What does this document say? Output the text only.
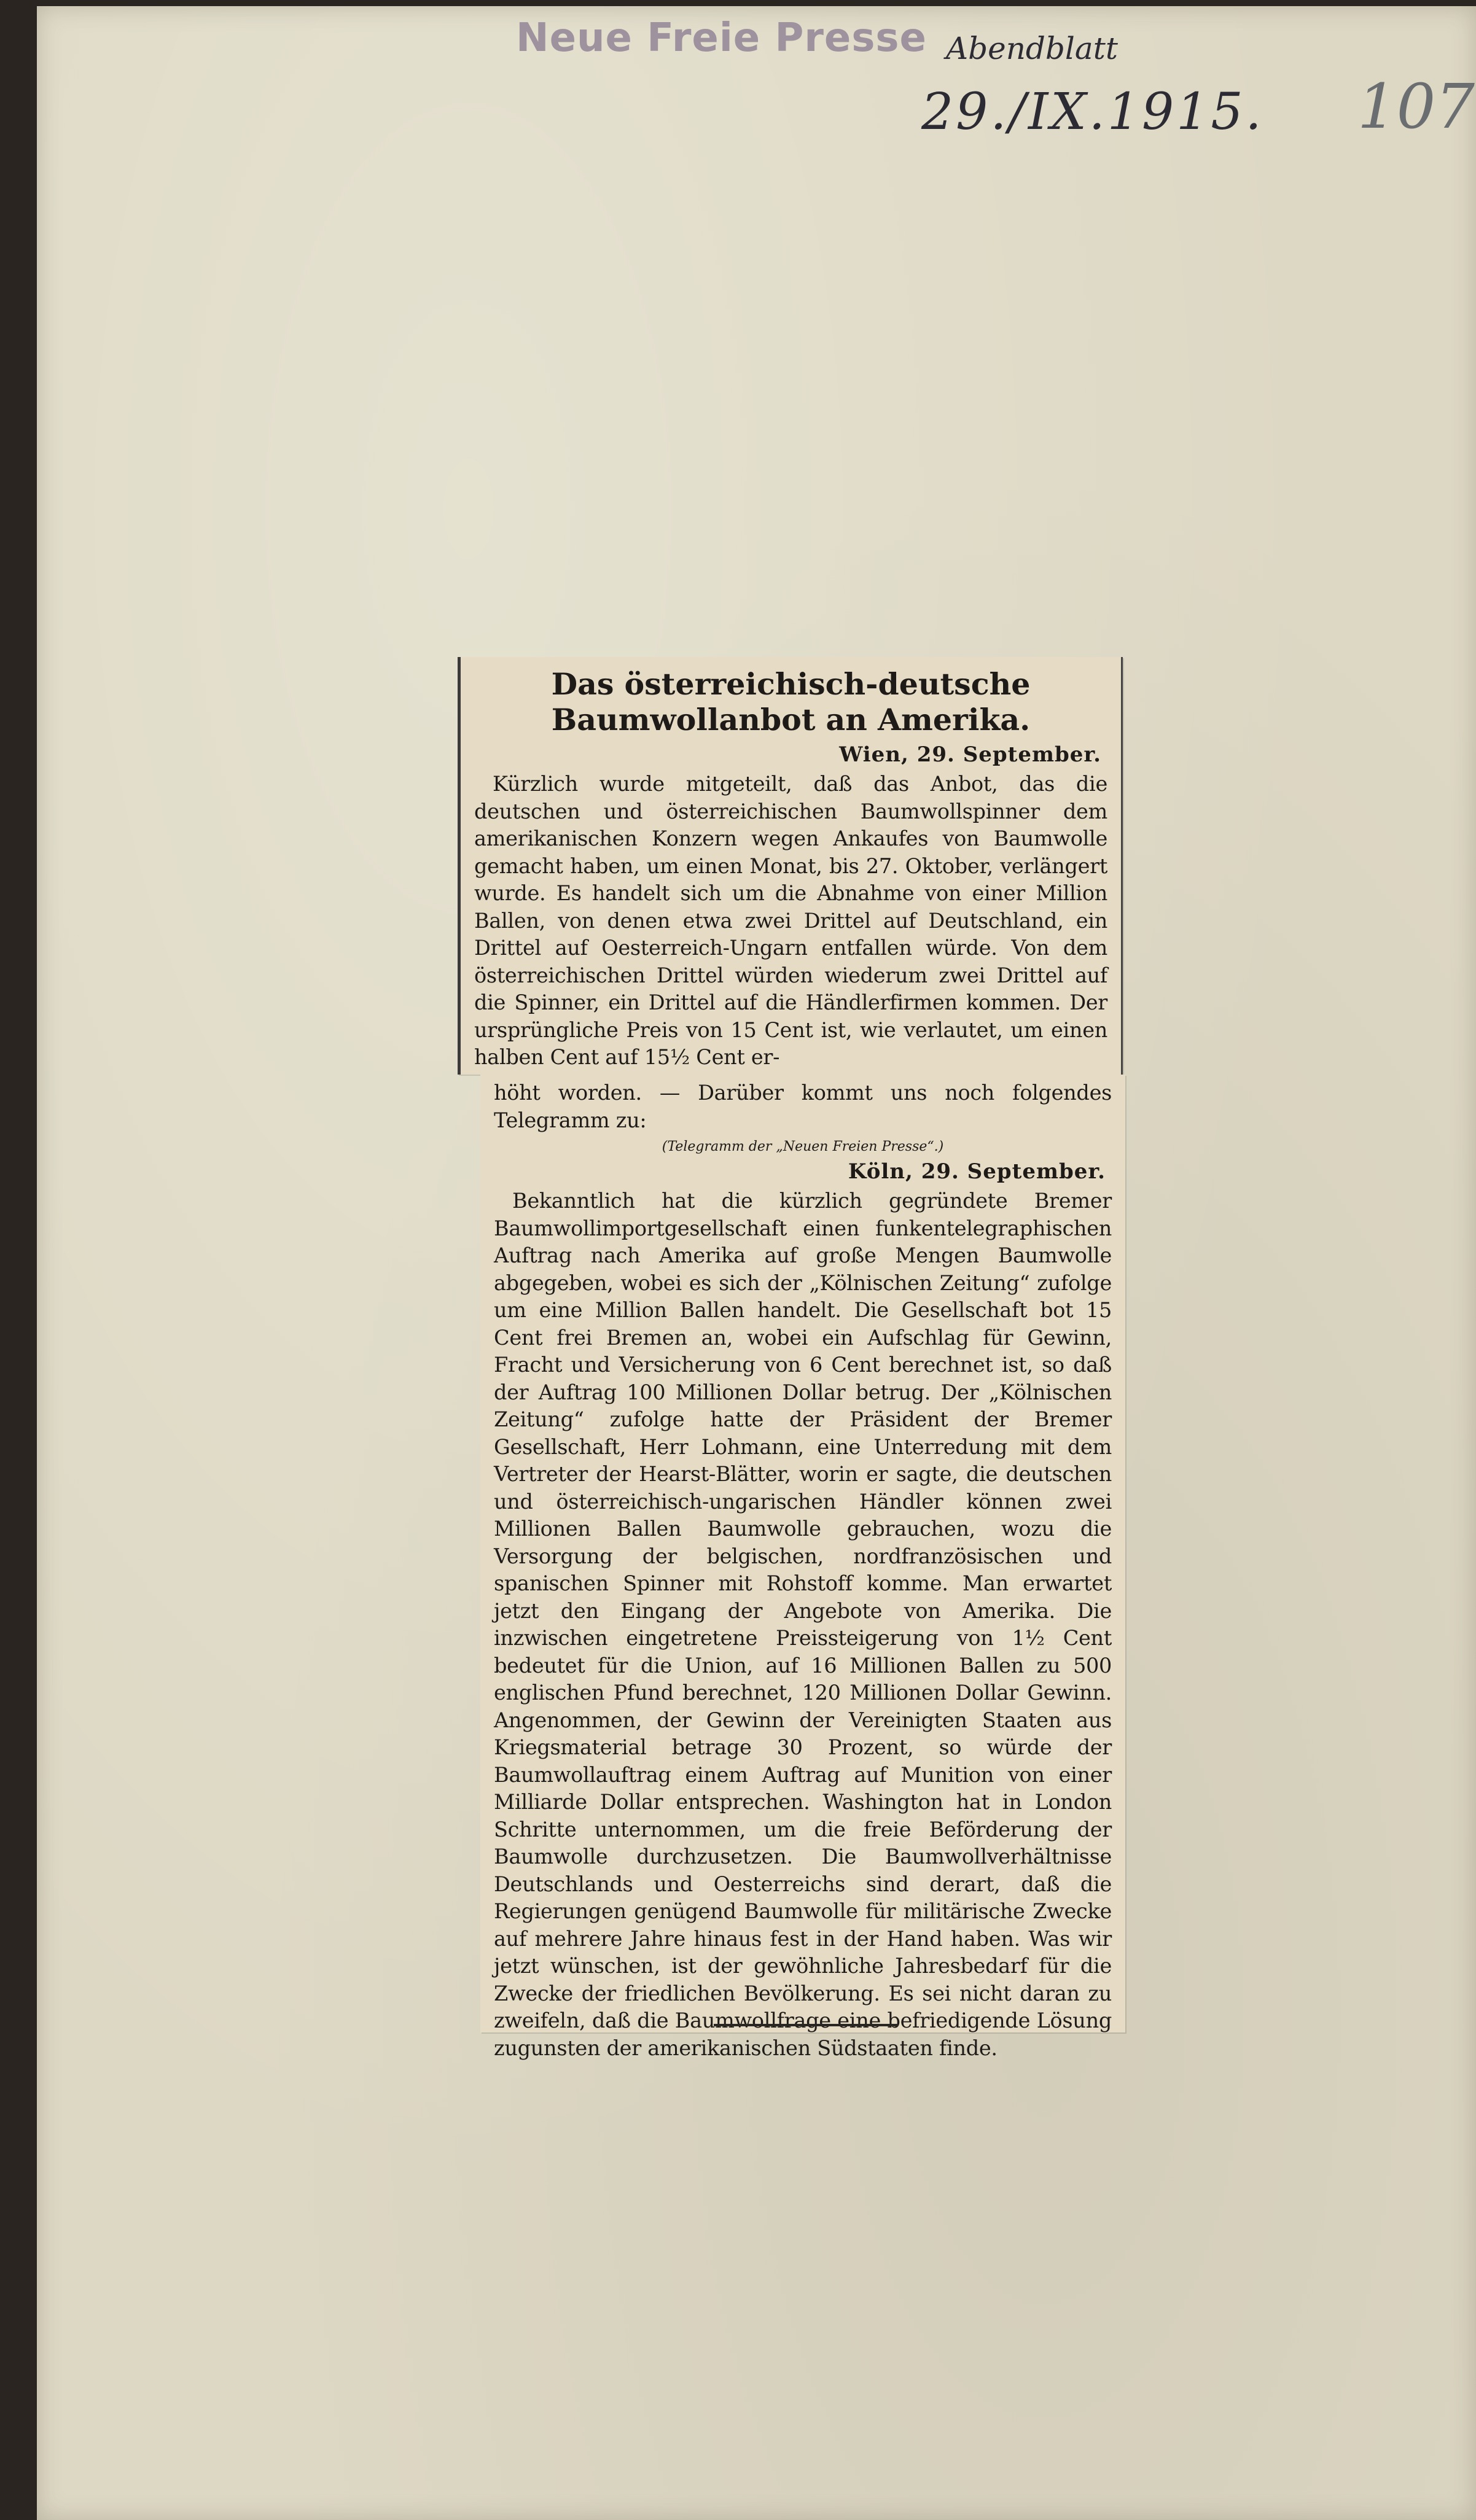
Neue Freie Presse Abendblatt
29./IX.1915. 107
Das österreichisch-deutsche Baumwollanbot an Amerika.
Wien, 29. September.

Kürzlich wurde mitgeteilt, daß das Anbot, das die deutschen und österreichischen Baumwollspinner dem amerikanischen Konzern wegen Ankaufes von Baumwolle gemacht haben, um einen Monat, bis 27. Oktober, verlängert wurde. Es handelt sich um die Abnahme von einer Million Ballen, von denen etwa zwei Drittel auf Deutschland, ein Drittel auf Oesterreich-Ungarn entfallen würde. Von dem österreichischen Drittel würden wiederum zwei Drittel auf die Spinner, ein Drittel auf die Händlerfirmen kommen. Der ursprüngliche Preis von 15 Cent ist, wie verlautet, um einen halben Cent auf 15½ Cent er-

höht worden. — Darüber kommt uns noch folgendes Telegramm zu:

(Telegramm der „Neuen Freien Presse“.)
Köln, 29. September.

Bekanntlich hat die kürzlich gegründete Bremer Baumwollimportgesellschaft einen funkentelegraphischen Auftrag nach Amerika auf große Mengen Baumwolle abgegeben, wobei es sich der „Kölnischen Zeitung“ zufolge um eine Million Ballen handelt. Die Gesellschaft bot 15 Cent frei Bremen an, wobei ein Aufschlag für Gewinn, Fracht und Versicherung von 6 Cent berechnet ist, so daß der Auftrag 100 Millionen Dollar betrug. Der „Kölnischen Zeitung“ zufolge hatte der Präsident der Bremer Gesellschaft, Herr Lohmann, eine Unterredung mit dem Vertreter der Hearst-Blätter, worin er sagte, die deutschen und österreichisch-ungarischen Händler können zwei Millionen Ballen Baumwolle gebrauchen, wozu die Versorgung der belgischen, nordfranzösischen und spanischen Spinner mit Rohstoff komme. Man erwartet jetzt den Eingang der Angebote von Amerika. Die inzwischen eingetretene Preissteigerung von 1½ Cent bedeutet für die Union, auf 16 Millionen Ballen zu 500 englischen Pfund berechnet, 120 Millionen Dollar Gewinn. Angenommen, der Gewinn der Vereinigten Staaten aus Kriegsmaterial betrage 30 Prozent, so würde der Baumwollauftrag einem Auftrag auf Munition von einer Milliarde Dollar entsprechen. Washington hat in London Schritte unternommen, um die freie Beförderung der Baumwolle durchzusetzen. Die Baumwollverhältnisse Deutschlands und Oesterreichs sind derart, daß die Regierungen genügend Baumwolle für militärische Zwecke auf mehrere Jahre hinaus fest in der Hand haben. Was wir jetzt wünschen, ist der gewöhnliche Jahresbedarf für die Zwecke der friedlichen Bevölkerung. Es sei nicht daran zu zweifeln, daß die Baumwollfrage eine befriedigende Lösung zugunsten der amerikanischen Südstaaten finde.
